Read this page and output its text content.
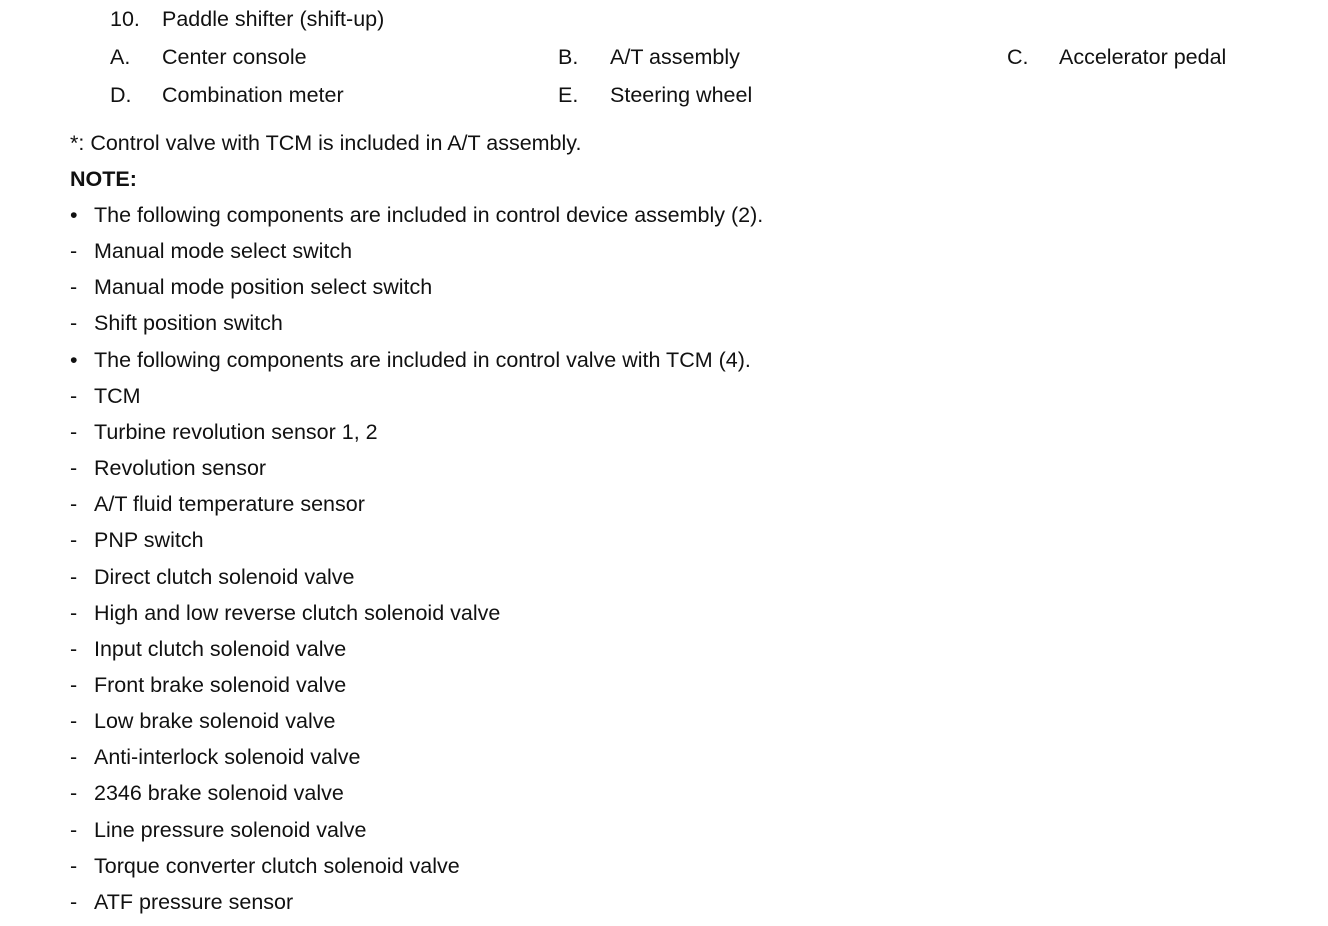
10. Paddle shifter (shift-up)
A. Center console	B. A/T assembly	C. Accelerator pedal
D. Combination meter	E. Steering wheel
*: Control valve with TCM is included in A/T assembly.
NOTE:
• The following components are included in control device assembly (2).
- Manual mode select switch
- Manual mode position select switch
- Shift position switch
• The following components are included in control valve with TCM (4).
- TCM
- Turbine revolution sensor 1, 2
- Revolution sensor
- A/T fluid temperature sensor
- PNP switch
- Direct clutch solenoid valve
- High and low reverse clutch solenoid valve
- Input clutch solenoid valve
- Front brake solenoid valve
- Low brake solenoid valve
- Anti-interlock solenoid valve
- 2346 brake solenoid valve
- Line pressure solenoid valve
- Torque converter clutch solenoid valve
- ATF pressure sensor
